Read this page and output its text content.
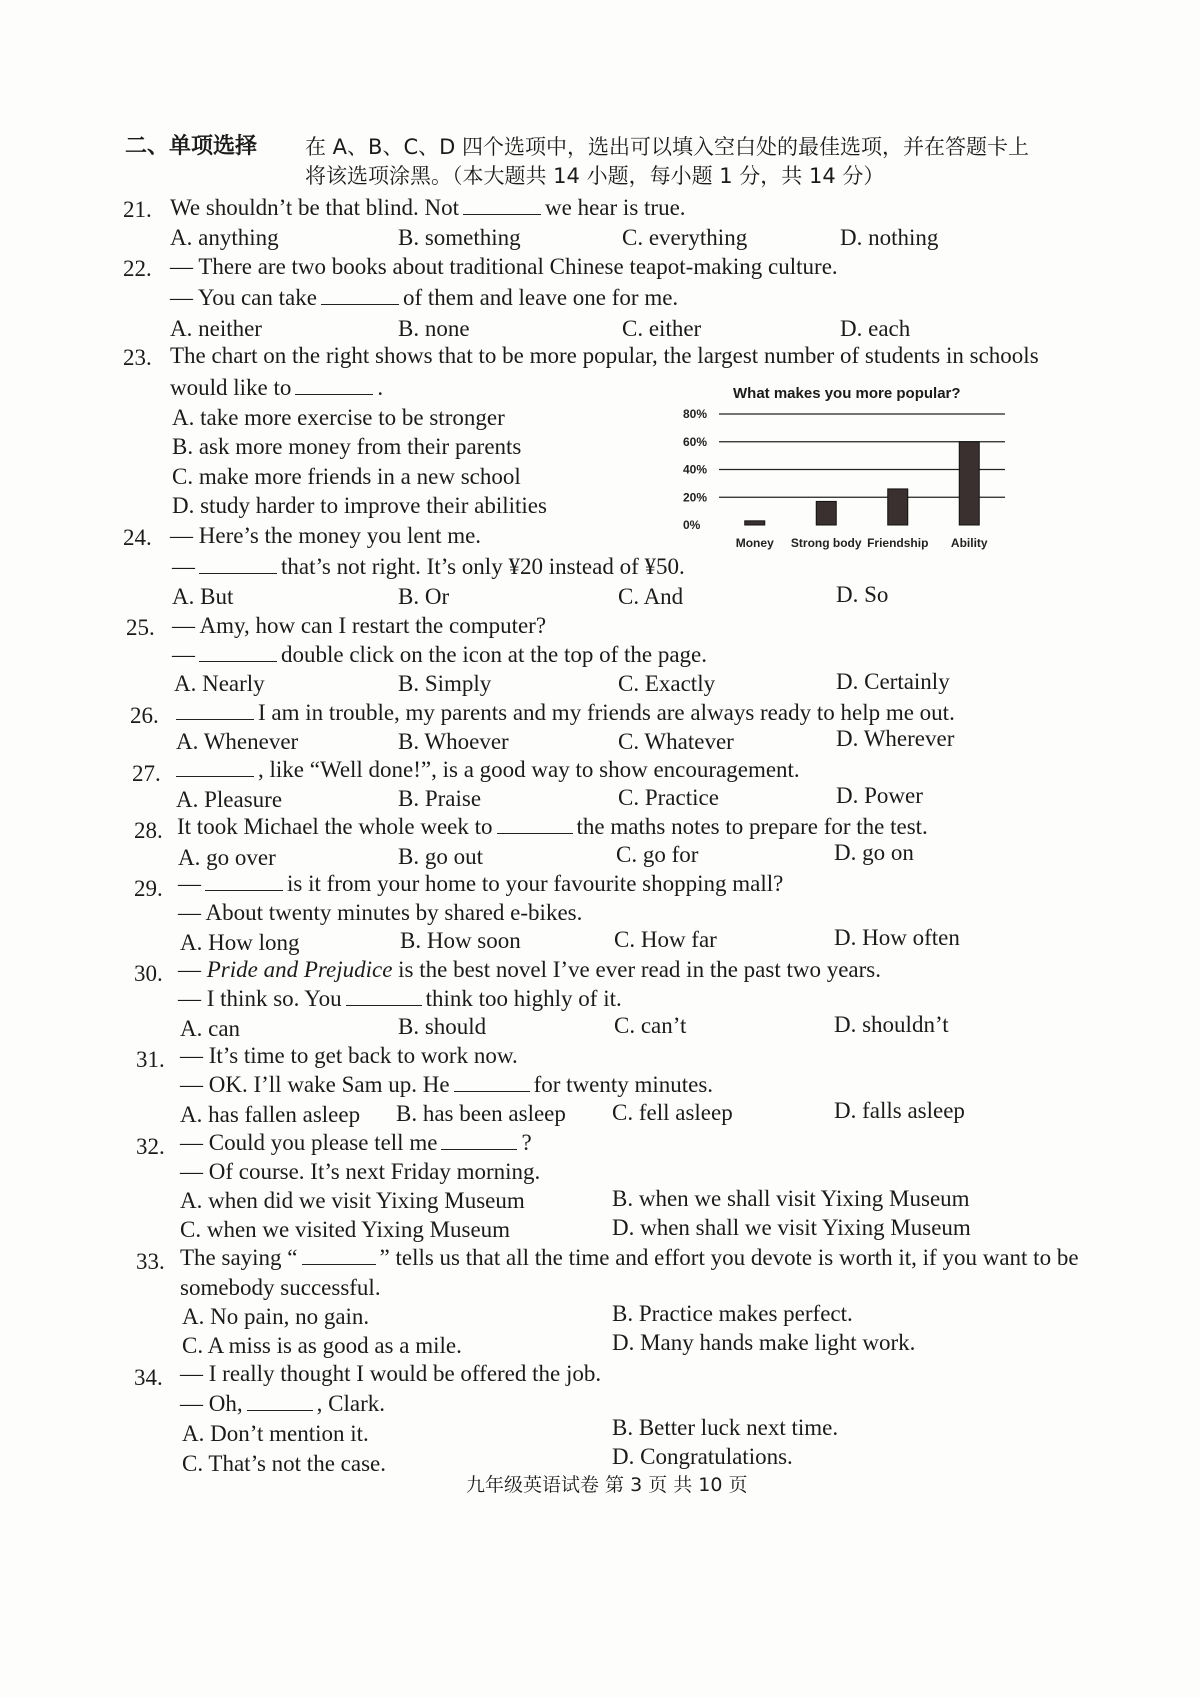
二、单项选择 在 A、B、C、D 四个选项中，选出可以填入空白处的最佳选项，并在答题卡上
将该选项涂黑。（本大题共 14 小题，每小题 1 分，共 14 分）
21. We shouldn’t be that blind. Not	we hear is true.
A. anything	B. something	C. everything	D. nothing
22. — There are two books about traditional Chinese teapot-making culture.
— You can take	of them and leave one for me.
A. neither	B. none	C. either	D. each
23. The chart on the right shows that to be more popular, the largest number of students in schools
would like to	.
A. take more exercise to be stronger
B. ask more money from their parents
C. make more friends in a new school
D. study harder to improve their abilities
What makes you more popular?
0%
20%
40%
60%
80%
Money Strong body Friendship Ability
24. — Here’s the money you lent me.
—	that’s not right. It’s only ¥20 instead of ¥50.
A. But	B. Or	C. And	D. So
25. — Amy, how can I restart the computer?
—	double click on the icon at the top of the page.
A. Nearly	B. Simply	C. Exactly	D. Certainly
26.	I am in trouble, my parents and my friends are always ready to help me out.
A. Whenever	B. Whoever	C. Whatever	D. Wherever
27.	, like “Well done!”, is a good way to show encouragement.
A. Pleasure	B. Praise	C. Practice	D. Power
28. It took Michael the whole week to	the maths notes to prepare for the test.
A. go over	B. go out	C. go for	D. go on
29. —	is it from your home to your favourite shopping mall?
— About twenty minutes by shared e-bikes.
A. How long	B. How soon	C. How far	D. How often
30. — Pride and Prejudice is the best novel I’ve ever read in the past two years.
— I think so. You	think too highly of it.
A. can	B. should	C. can’t	D. shouldn’t
31. — It’s time to get back to work now.
— OK. I’ll wake Sam up. He	for twenty minutes.
A. has fallen asleep B. has been asleep C. fell asleep	D. falls asleep
32. — Could you please tell me	?
— Of course. It’s next Friday morning.
A. when did we visit Yixing Museum	B. when we shall visit Yixing Museum
C. when we visited Yixing Museum	D. when shall we visit Yixing Museum
33. The saying “	” tells us that all the time and effort you devote is worth it, if you want to be
somebody successful.
A. No pain, no gain.	B. Practice makes perfect.
C. A miss is as good as a mile.	D. Many hands make light work.
34. — I really thought I would be offered the job.
— Oh,	, Clark.
A. Don’t mention it.	B. Better luck next time.
C. That’s not the case.	D. Congratulations.
九年级英语试卷 第 3 页 共 10 页
